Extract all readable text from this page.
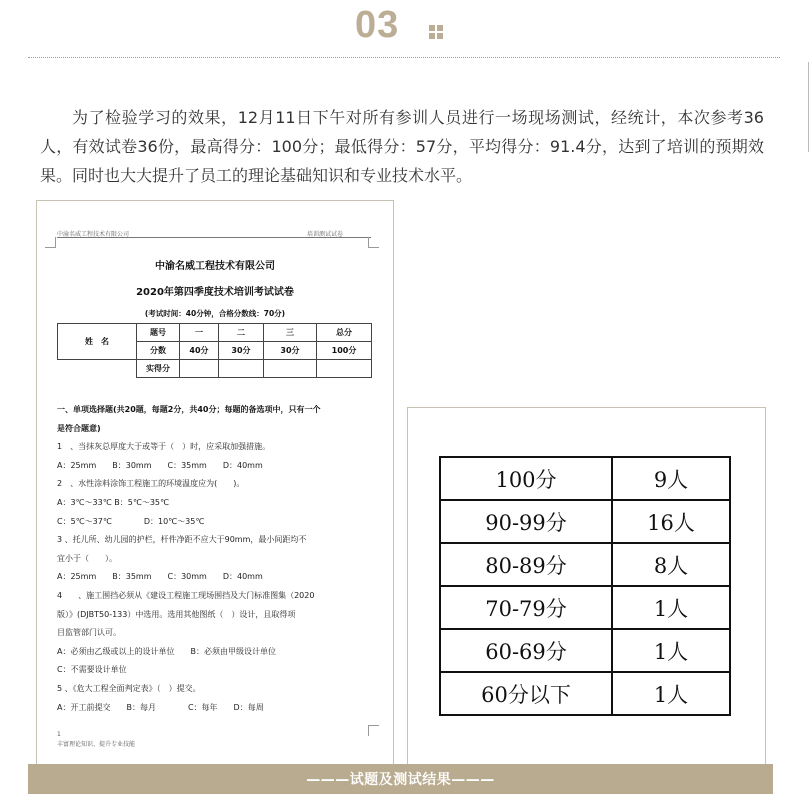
03

为了检验学习的效果，12月11日下午对所有参训人员进行一场现场测试，经统计，本次参考36人，有效试卷36份，最高得分：100分；最低得分：57分，平均得分：91.4分，达到了培训的预期效果。同时也大大提升了员工的理论基础知识和专业技术水平。

中渝名威工程技术有限公司	培训测试试卷
中渝名威工程技术有限公司
2020年第四季度技术培训考试试卷
(考试时间：40分钟，合格分数线：70分)
姓　名	题号	一	二	三	总分
	分数	40分	30分	30分	100分
	实得分				
一、单项选择题(共20题，每题2分，共40分；每题的备选项中，只有一个
是符合题意)
1　、当抹灰总厚度大于或等于（　）时，应采取加强措施。
A：25mm　　B：30mm　　C：35mm　　D：40mm
2　、水性涂料涂饰工程施工的环境温度应为(　　)。
A：3℃～33℃ B：5℃～35℃
C：5℃～37℃　　　　D：10℃～35℃
3 、托儿所、幼儿园的护栏，杆件净距不应大于90mm，最小间距均不
宜小于（　　）。
A：25mm　　B：35mm　　C：30mm　　D：40mm
4　　、施工围挡必须从《建设工程施工现场围挡及大门标准图集（2020
版）》(DJBT50-133）中选用。选用其他图纸（　）设计，且取得项
目监管部门认可。
A：必须由乙级或以上的设计单位　　B：必须由甲级设计单位
C：不需要设计单位
5 、《危大工程全面判定表》（　）提交。
A：开工前提交　　B：每月　　　　C：每年　　D：每周
1
丰富理论知识、提升专业技能
100分	9人
90-99分	16人
80-89分	8人
70-79分	1人
60-69分	1人
60分以下	1人
———试题及测试结果———
